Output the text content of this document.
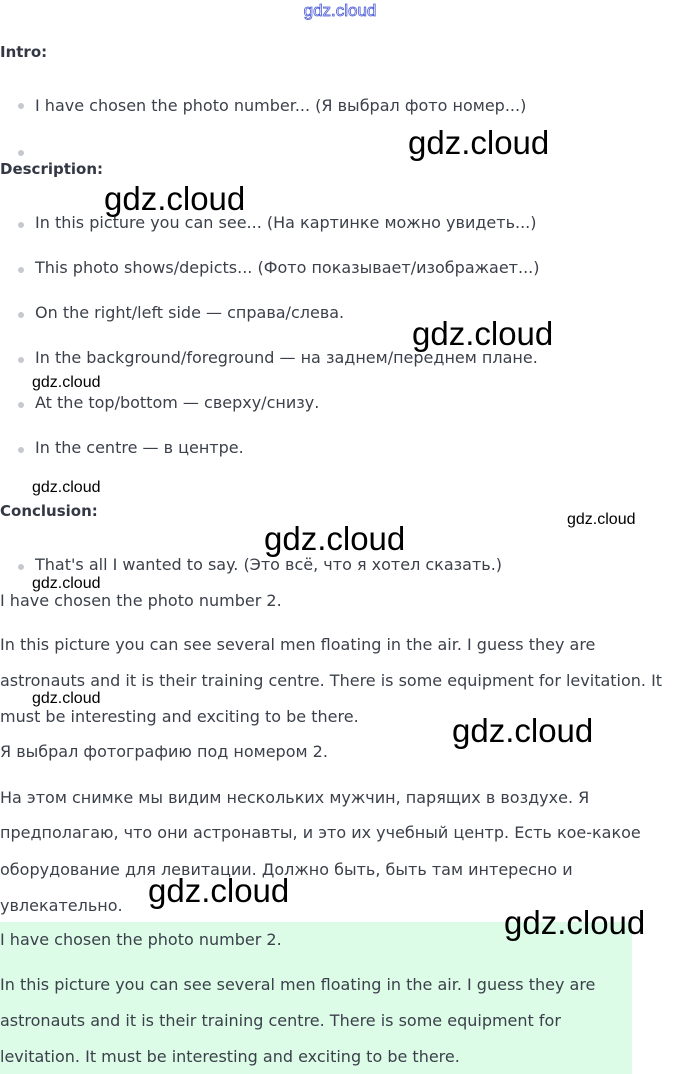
gdz.cloud
Intro:
I have chosen the photo number... (Я выбрал фото номер...)
Description:
In this picture you can see... (На картинке можно увидеть...)
This photo shows/depicts... (Фото показывает/изображает...)
On the right/left side — справа/слева.
In the background/foreground — на заднем/переднем плане.
At the top/bottom — сверху/снизу.
In the centre — в центре.
Conclusion:
That's all I wanted to say. (Это всё, что я хотел сказать.)
I have chosen the photo number 2.
In this picture you can see several men floating in the air. I guess they are
astronauts and it is their training centre. There is some equipment for levitation. It
must be interesting and exciting to be there.
Я выбрал фотографию под номером 2.
На этом снимке мы видим нескольких мужчин, парящих в воздухе. Я
предполагаю, что они астронавты, и это их учебный центр. Есть кое-какое
оборудование для левитации. Должно быть, быть там интересно и
увлекательно.
I have chosen the photo number 2.
In this picture you can see several men floating in the air. I guess they are
astronauts and it is their training centre. There is some equipment for
levitation. It must be interesting and exciting to be there.
gdz.cloud
gdz.cloud
gdz.cloud
gdz.cloud
gdz.cloud
gdz.cloud
gdz.cloud
gdz.cloud
gdz.cloud
gdz.cloud
gdz.cloud
gdz.cloud
